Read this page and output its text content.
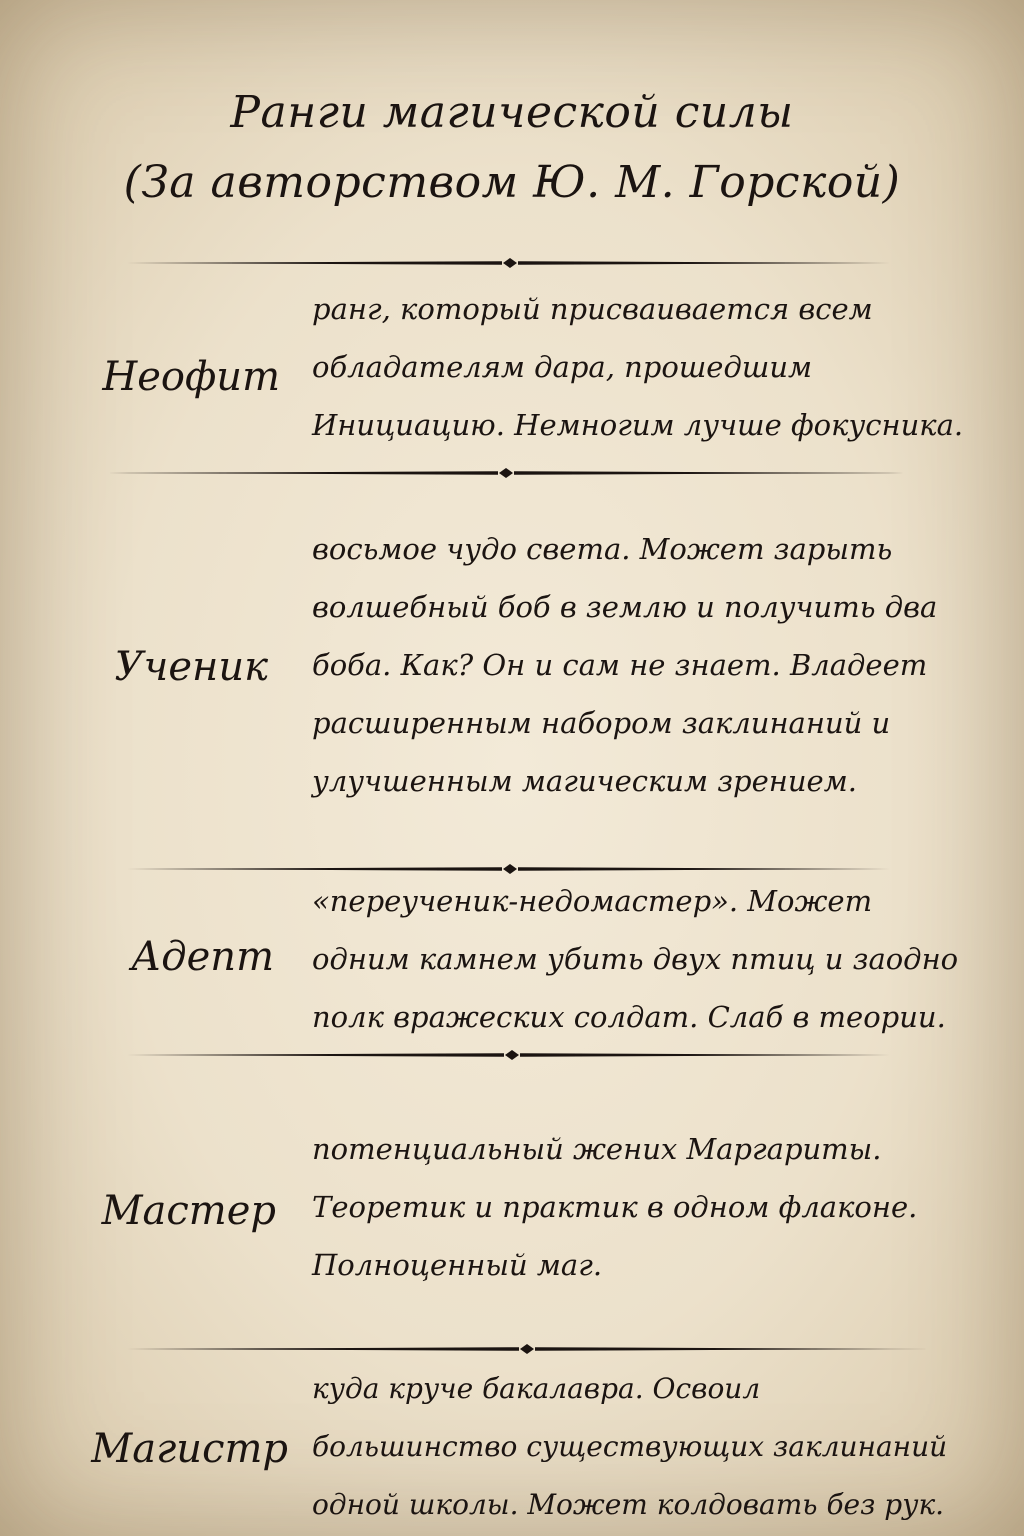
Ранги магической силы
(За авторством Ю. М. Горской)
Неофит
ранг, который присваивается всем
обладателям дара, прошедшим
Инициацию. Немногим лучше фокусника.
Ученик
восьмое чудо света. Может зарыть
волшебный боб в землю и получить два
боба. Как? Он и сам не знает. Владеет
расширенным набором заклинаний и
улучшенным магическим зрением.
Адепт
«переученик-недомастер». Может
одним камнем убить двух птиц и заодно
полк вражеских солдат. Слаб в теории.
Мастер
потенциальный жених Маргариты.
Теоретик и практик в одном флаконе.
Полноценный маг.
Магистр
куда круче бакалавра. Освоил
большинство существующих заклинаний
одной школы. Может колдовать без рук.
